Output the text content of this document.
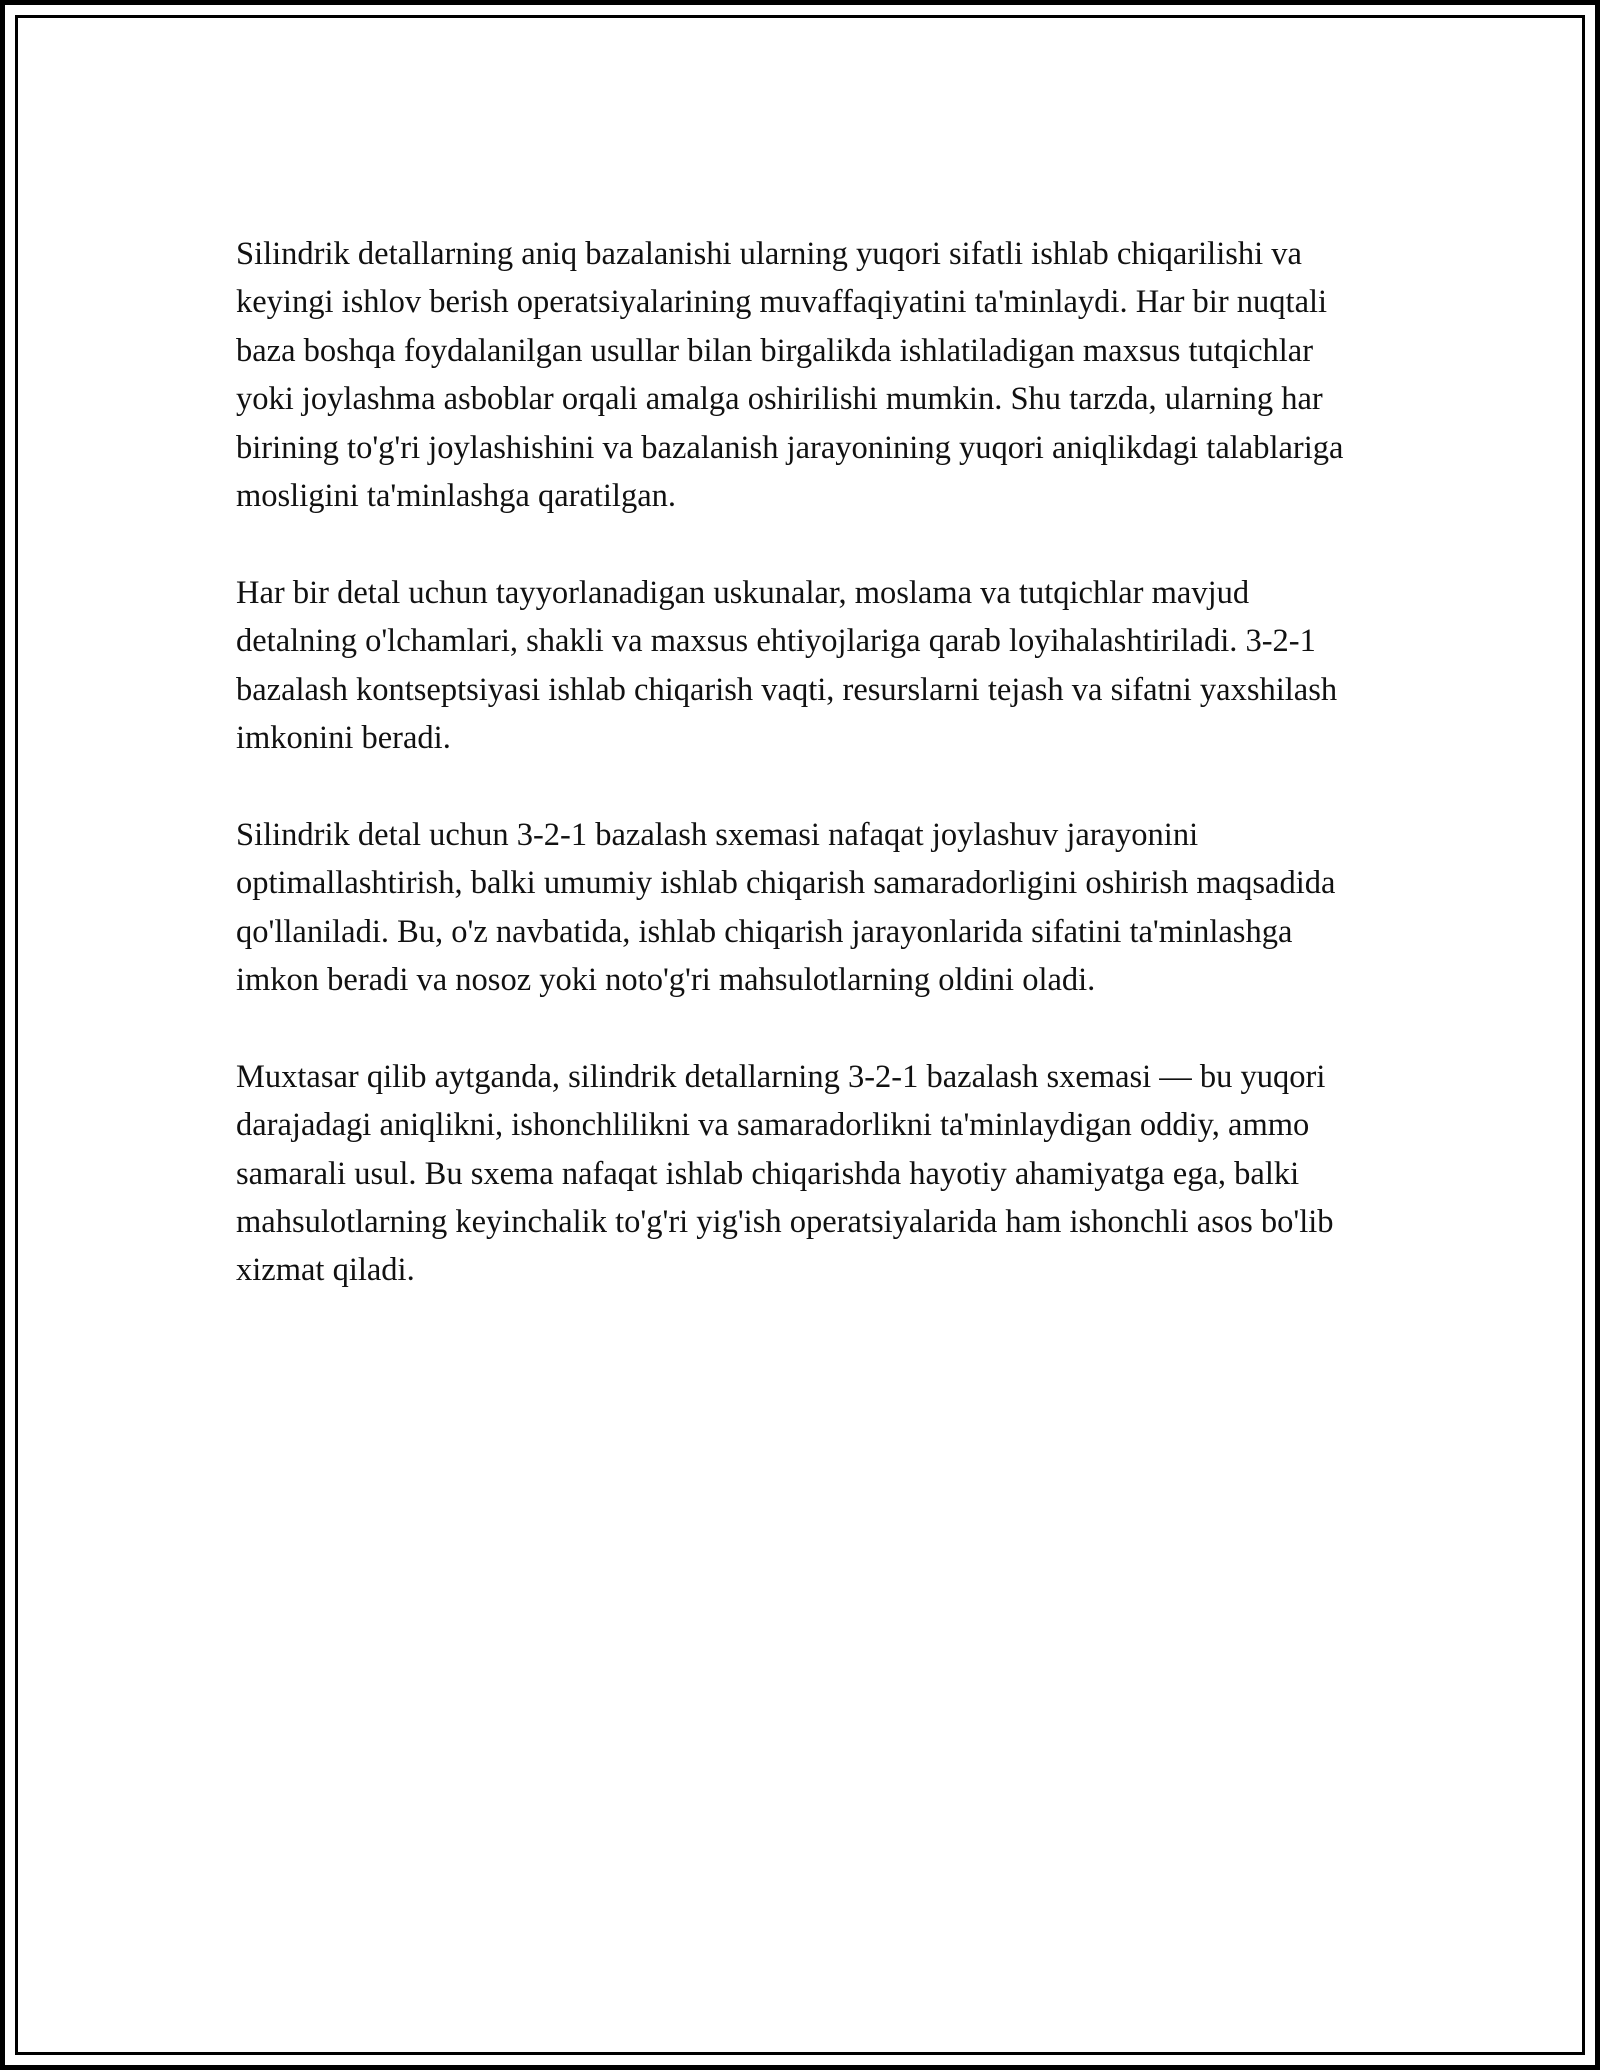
Silindrik detallarning aniq bazalanishi ularning yuqori sifatli ishlab chiqarilishi va keyingi ishlov berish operatsiyalarining muvaffaqiyatini ta'minlaydi. Har bir nuqtali baza boshqa foydalanilgan usullar bilan birgalikda ishlatiladigan maxsus tutqichlar yoki joylashma asboblar orqali amalga oshirilishi mumkin. Shu tarzda, ularning har birining to'g'ri joylashishini va bazalanish jarayonining yuqori aniqlikdagi talablariga mosligini ta'minlashga qaratilgan.

Har bir detal uchun tayyorlanadigan uskunalar, moslama va tutqichlar mavjud detalning o'lchamlari, shakli va maxsus ehtiyojlariga qarab loyihalashtiriladi. 3-2-1 bazalash kontseptsiyasi ishlab chiqarish vaqti, resurslarni tejash va sifatni yaxshilash imkonini beradi.

Silindrik detal uchun 3-2-1 bazalash sxemasi nafaqat joylashuv jarayonini optimallashtirish, balki umumiy ishlab chiqarish samaradorligini oshirish maqsadida qo'llaniladi. Bu, o'z navbatida, ishlab chiqarish jarayonlarida sifatini ta'minlashga imkon beradi va nosoz yoki noto'g'ri mahsulotlarning oldini oladi.

Muxtasar qilib aytganda, silindrik detallarning 3-2-1 bazalash sxemasi — bu yuqori darajadagi aniqlikni, ishonchlilikni va samaradorlikni ta'minlaydigan oddiy, ammo samarali usul. Bu sxema nafaqat ishlab chiqarishda hayotiy ahamiyatga ega, balki mahsulotlarning keyinchalik to'g'ri yig'ish operatsiyalarida ham ishonchli asos bo'lib xizmat qiladi.
